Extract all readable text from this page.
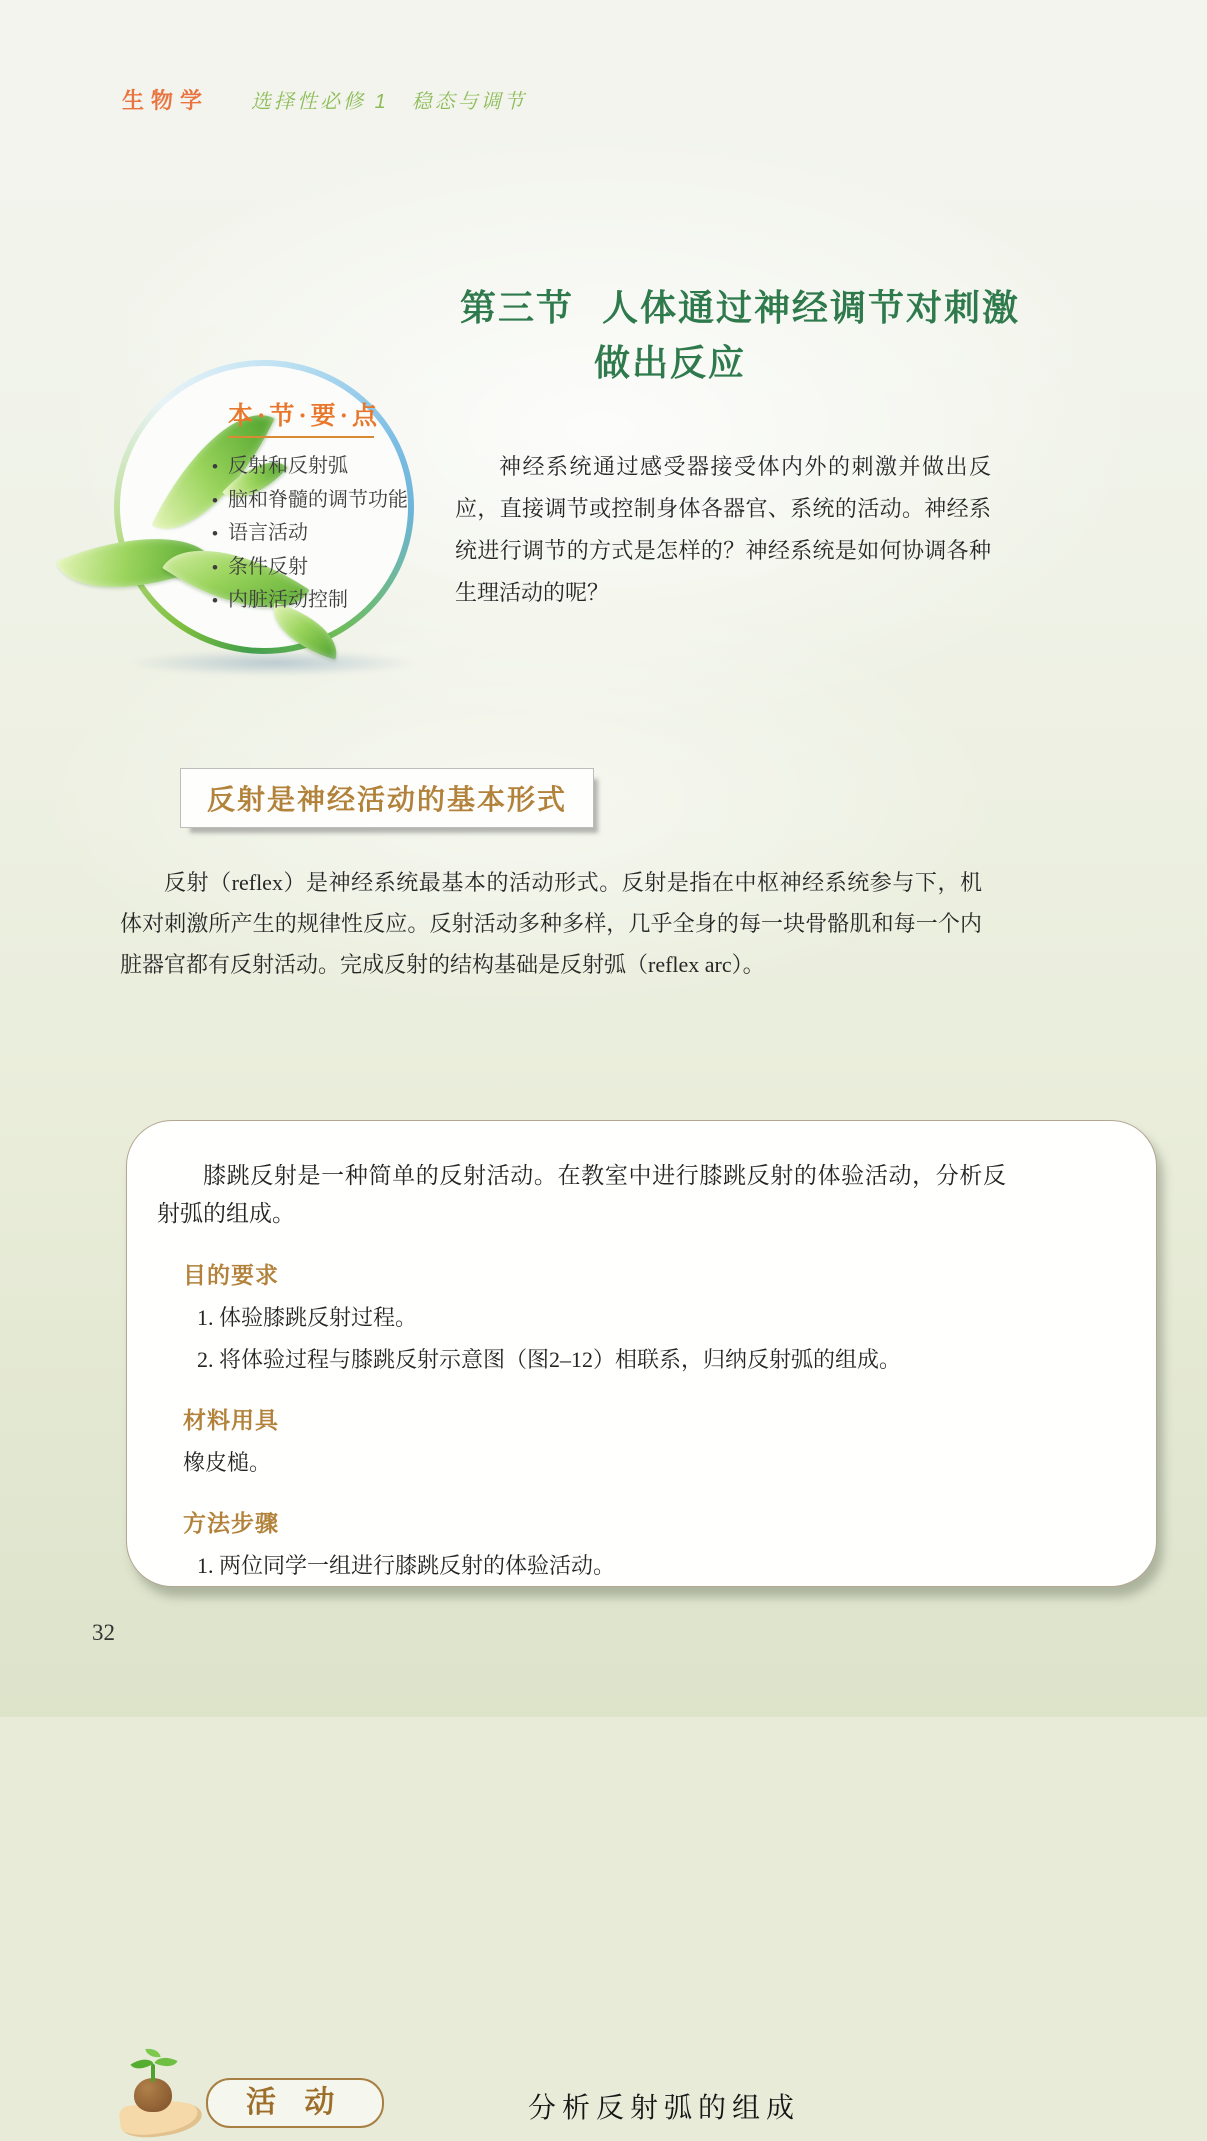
生物学 选择性必修 1　稳态与调节
第三节 人体通过神经调节对刺激
做出反应
本·节·要·点
• 反射和反射弧
• 脑和脊髓的调节功能
• 语言活动
• 条件反射
• 内脏活动控制

神经系统通过感受器接受体内外的刺激并做出反应，直接调节或控制身体各器官、系统的活动。神经系统进行调节的方式是怎样的？神经系统是如何协调各种生理活动的呢？

反射是神经活动的基本形式

反射（reflex）是神经系统最基本的活动形式。反射是指在中枢神经系统参与下，机体对刺激所产生的规律性反应。反射活动多种多样，几乎全身的每一块骨骼肌和每一个内脏器官都有反射活动。完成反射的结构基础是反射弧（reflex arc）。

活 动	分析反射弧的组成

膝跳反射是一种简单的反射活动。在教室中进行膝跳反射的体验活动，分析反射弧的组成。

目的要求

1. 体验膝跳反射过程。

2. 将体验过程与膝跳反射示意图（图2–12）相联系，归纳反射弧的组成。

材料用具

橡皮槌。

方法步骤

1. 两位同学一组进行膝跳反射的体验活动。

32
